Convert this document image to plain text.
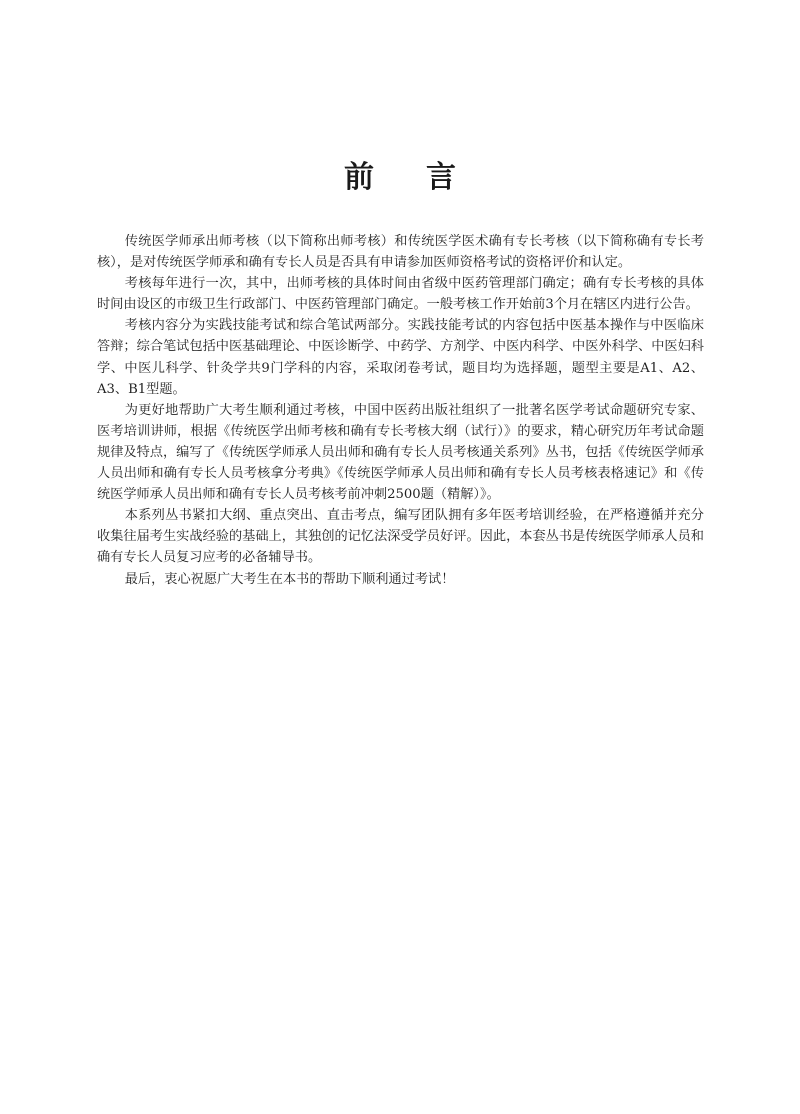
前 言

传统医学师承出师考核（以下简称出师考核）和传统医学医术确有专长考核（以下简称确有专长考核），是对传统医学师承和确有专长人员是否具有申请参加医师资格考试的资格评价和认定。

考核每年进行一次，其中，出师考核的具体时间由省级中医药管理部门确定；确有专长考核的具体时间由设区的市级卫生行政部门、中医药管理部门确定。一般考核工作开始前3个月在辖区内进行公告。

考核内容分为实践技能考试和综合笔试两部分。实践技能考试的内容包括中医基本操作与中医临床答辩；综合笔试包括中医基础理论、中医诊断学、中药学、方剂学、中医内科学、中医外科学、中医妇科学、中医儿科学、针灸学共9门学科的内容，采取闭卷考试，题目均为选择题，题型主要是A1、A2、A3、B1型题。

为更好地帮助广大考生顺利通过考核，中国中医药出版社组织了一批著名医学考试命题研究专家、医考培训讲师，根据《传统医学出师考核和确有专长考核大纲（试行）》的要求，精心研究历年考试命题规律及特点，编写了《传统医学师承人员出师和确有专长人员考核通关系列》丛书，包括《传统医学师承人员出师和确有专长人员考核拿分考典》《传统医学师承人员出师和确有专长人员考核表格速记》和《传统医学师承人员出师和确有专长人员考核考前冲刺2500题（精解）》。

本系列丛书紧扣大纲、重点突出、直击考点，编写团队拥有多年医考培训经验，在严格遵循并充分收集往届考生实战经验的基础上，其独创的记忆法深受学员好评。因此，本套丛书是传统医学师承人员和确有专长人员复习应考的必备辅导书。

最后，衷心祝愿广大考生在本书的帮助下顺利通过考试！
